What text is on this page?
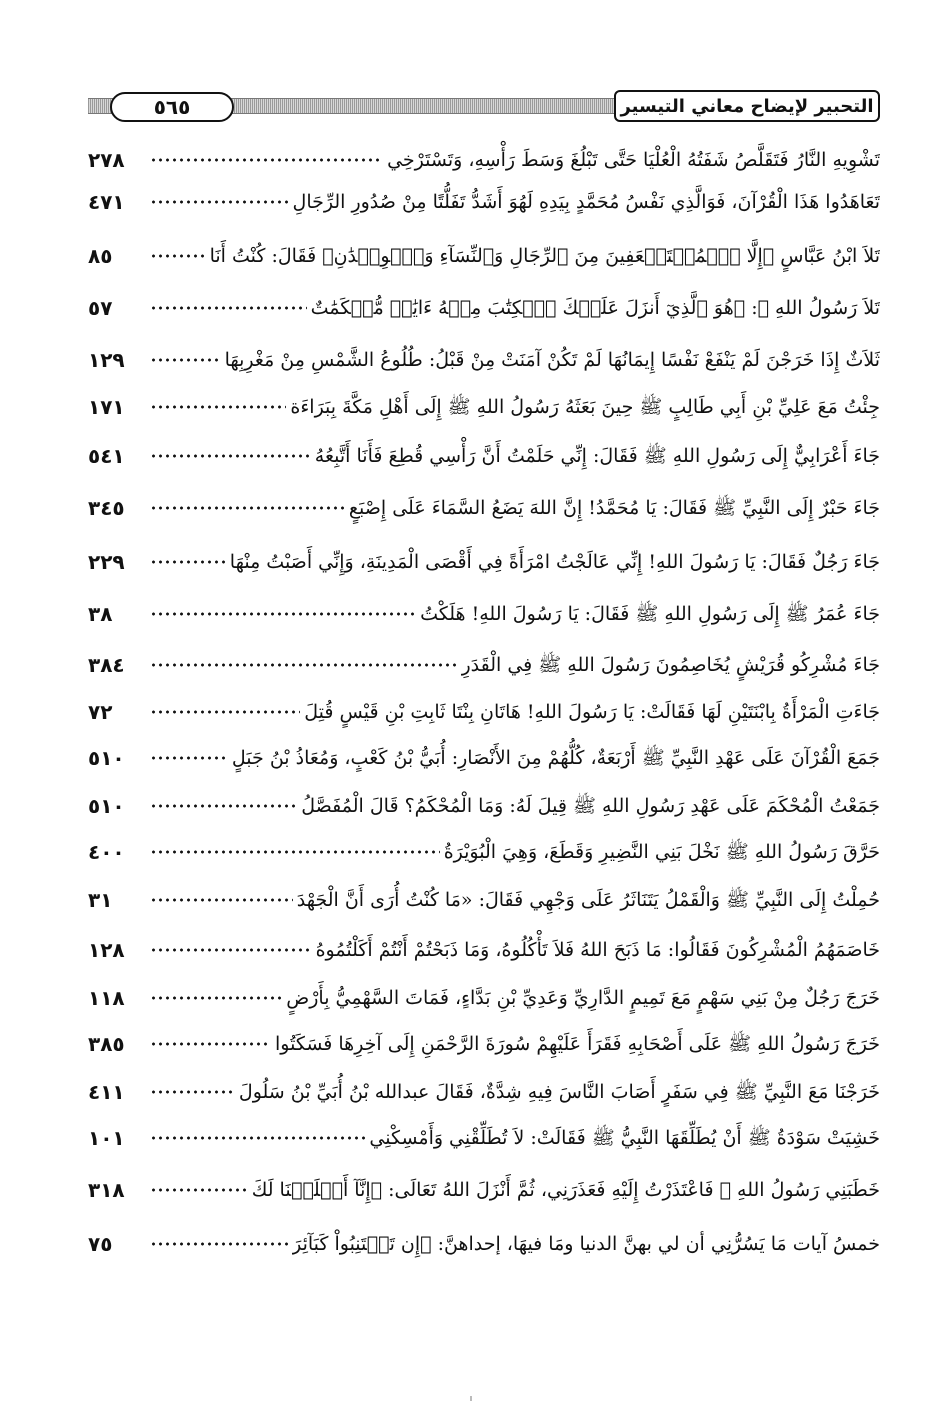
٥٦٥	التحبير لإيضاح معاني التيسير
تَشْوِيهِ النَّارُ فَتَقَلَّصُ شَفَتُهُ الْعُلْيَا حَتَّى تَبْلُغَ وَسَطَ رَأْسِهِ، وَتَسْتَرْخِي
٢٧٨
تَعَاهَدُوا هَذَا الْقُرْآنَ، فَوَالَّذِي نَفْسُ مُحَمَّدٍ بِيَدِهِ لَهُوَ أَشَدُّ تَفَلُّتًا مِنْ صُدُورِ الرِّجَالِ
٤٧١
تَلاَ ابْنُ عَبَّاسٍ ﴿إِلَّا ٱلۡمُسۡتَضۡعَفِينَ مِنَ ٱلرِّجَالِ وَٱلنِّسَآءِ وَٱلۡوِلۡدَٰنِ﴾ فَقَالَ: كُنْتُ أَنَا
٨٥
تَلاَ رَسُولُ اللهِ ﷺ: ﴿هُوَ ٱلَّذِيٓ أَنزَلَ عَلَيۡكَ ٱلۡكِتَٰبَ مِنۡهُ ءَايَٰتٞ مُّحۡكَمَٰتٌ
٥٧
ثَلاَثٌ إِذَا خَرَجْنَ لَمْ يَنْفَعْ نَفْسًا إِيمَانُهَا لَمْ تَكُنْ آمَنَتْ مِنْ قَبْلُ: طُلُوعُ الشَّمْسِ مِنْ مَغْرِبِهَا
١٢٩
جِئْتُ مَعَ عَلِيِّ بْنِ أَبِي طَالِبٍ ﷺ حِينَ بَعَثَهُ رَسُولُ اللهِ ﷺ إِلَى أَهْلِ مَكَّةَ بِبَرَاءَة
١٧١
جَاءَ أَعْرَابِيٌّ إِلَى رَسُولِ اللهِ ﷺ فَقَالَ: إِنِّي حَلَمْتُ أَنَّ رَأْسِي قُطِعَ فَأَنَا أَتَّبِعُهُ
٥٤١
جَاءَ حَبْرٌ إِلَى النَّبِيِّ ﷺ فَقَالَ: يَا مُحَمَّدُ! إِنَّ اللهَ يَضَعُ السَّمَاءَ عَلَى إِصْبَعٍ
٣٤٥
جَاءَ رَجُلٌ فَقَالَ: يَا رَسُولَ اللهِ! إِنِّي عَالَجْتُ امْرَأَةً فِي أَقْصَى الْمَدِينَةِ، وَإِنِّي أَصَبْتُ مِنْهَا
٢٢٩
جَاءَ عُمَرُ ﷺ إِلَى رَسُولِ اللهِ ﷺ فَقَالَ: يَا رَسُولَ اللهِ! هَلَكْتُ
٣٨
جَاءَ مُشْرِكُو قُرَيْشٍ يُخَاصِمُونَ رَسُولَ اللهِ ﷺ فِي الْقَدَرِ
٣٨٤
جَاءَتِ الْمَرْأَةُ بِابْنَتَيْنِ لَهَا فَقَالَتْ: يَا رَسُولَ اللهِ! هَاتَانِ بِنْتَا ثَابِتِ بْنِ قَيْسٍ قُتِلَ
٧٢
جَمَعَ الْقُرْآنَ عَلَى عَهْدِ النَّبِيِّ ﷺ أَرْبَعَةٌ، كُلُّهُمْ مِنَ الأَنْصَارِ: أُبَيُّ بْنُ كَعْبٍ، وَمُعَاذُ بْنُ جَبَلٍ
٥١٠
جَمَعْتُ الْمُحْكَمَ عَلَى عَهْدِ رَسُولِ اللهِ ﷺ قِيلَ لَهُ: وَمَا الْمُحْكَمُ؟ قَالَ الْمُفَصَّلُ
٥١٠
حَرَّقَ رَسُولُ اللهِ ﷺ نَخْلَ بَنِي النَّضِيرِ وَقَطَعَ، وَهِيَ الْبُوَيْرَةُ
٤٠٠
حُمِلْتُ إِلَى النَّبِيِّ ﷺ وَالْقَمْلُ يَتَنَاثَرُ عَلَى وَجْهِي فَقَالَ: «مَا كُنْتُ أُرَى أَنَّ الْجَهْدَ
٣١
خَاصَمَهُمُ الْمُشْرِكُونَ فَقَالُوا: مَا ذَبَحَ اللهُ فَلاَ تَأْكُلُوهُ، وَمَا ذَبَحْتُمْ أَنْتُمْ أَكَلْتُمُوهُ
١٢٨
خَرَجَ رَجُلٌ مِنْ بَنِي سَهْمٍ مَعَ تَمِيمٍ الدَّارِيِّ وَعَدِيِّ بْنِ بَدَّاءٍ، فَمَاتَ السَّهْمِيُّ بِأَرْضٍ
١١٨
خَرَجَ رَسُولُ اللهِ ﷺ عَلَى أَصْحَابِهِ فَقَرَأَ عَلَيْهِمْ سُورَةَ الرَّحْمَنِ إِلَى آخِرِهَا فَسَكَتُوا
٣٨٥
خَرَجْنَا مَعَ النَّبِيِّ ﷺ فِي سَفَرٍ أَصَابَ النَّاسَ فِيهِ شِدَّةٌ، فَقَالَ عبدالله بْنُ أُبَيِّ بْنُ سَلُولَ
٤١١
خَشِيَتْ سَوْدَةُ ﷺ أَنْ يُطَلِّقَهَا النَّبِيُّ ﷺ فَقَالَتْ: لاَ تُطَلِّقْنِي وَأَمْسِكْنِي
١٠١
خَطَبَنِي رَسُولُ اللهِ ﷺ فَاعْتَذَرْتُ إِلَيْهِ فَعَذَرَنِي، ثُمَّ أَنْزَلَ اللهُ تَعَالَى: ﴿إِنَّآ أَحۡلَلۡنَا لَكَ
٣١٨
خمسُ آيات مَا يَسُرُّنِي أن لي بهنَّ الدنيا ومَا فيهَا، إحداهنَّ: ﴿إِن تَجۡتَنِبُواْ كَبَآئِرَ
٧٥
